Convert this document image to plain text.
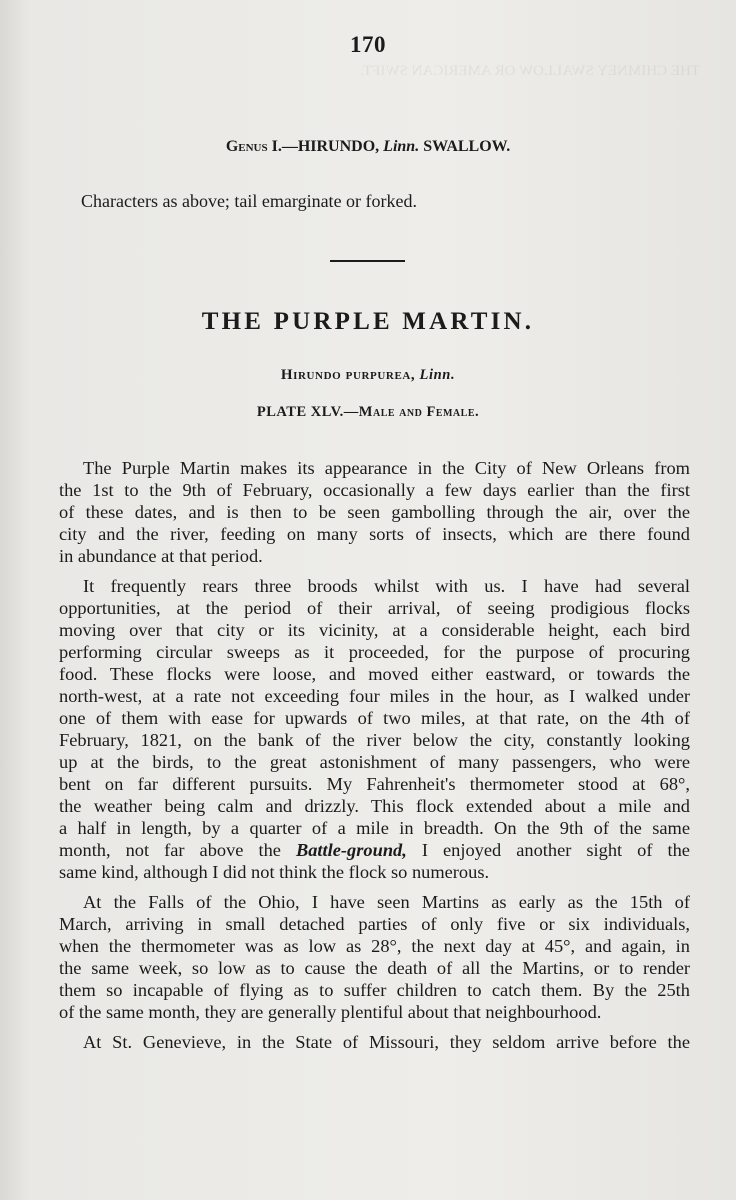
THE CHIMNEY SWALLOW OR AMERICAN SWIFT.
170
Genus I.—HIRUNDO, Linn. SWALLOW.
Characters as above; tail emarginate or forked.
THE PURPLE MARTIN.
Hirundo purpurea, Linn.
PLATE XLV.—Male and Female.
The Purple Martin makes its appearance in the City of New Orleans from
the 1st to the 9th of February, occasionally a few days earlier than the first
of these dates, and is then to be seen gambolling through the air, over the
city and the river, feeding on many sorts of insects, which are there found
in abundance at that period.
It frequently rears three broods whilst with us. I have had several
opportunities, at the period of their arrival, of seeing prodigious flocks
moving over that city or its vicinity, at a considerable height, each bird
performing circular sweeps as it proceeded, for the purpose of procuring
food. These flocks were loose, and moved either eastward, or towards the
north-west, at a rate not exceeding four miles in the hour, as I walked under
one of them with ease for upwards of two miles, at that rate, on the 4th of
February, 1821, on the bank of the river below the city, constantly looking
up at the birds, to the great astonishment of many passengers, who were
bent on far different pursuits. My Fahrenheit's thermometer stood at 68°,
the weather being calm and drizzly. This flock extended about a mile and
a half in length, by a quarter of a mile in breadth. On the 9th of the same
month, not far above the Battle-ground, I enjoyed another sight of the
same kind, although I did not think the flock so numerous.
At the Falls of the Ohio, I have seen Martins as early as the 15th of
March, arriving in small detached parties of only five or six individuals,
when the thermometer was as low as 28°, the next day at 45°, and again, in
the same week, so low as to cause the death of all the Martins, or to render
them so incapable of flying as to suffer children to catch them. By the 25th
of the same month, they are generally plentiful about that neighbourhood.
At St. Genevieve, in the State of Missouri, they seldom arrive before the
